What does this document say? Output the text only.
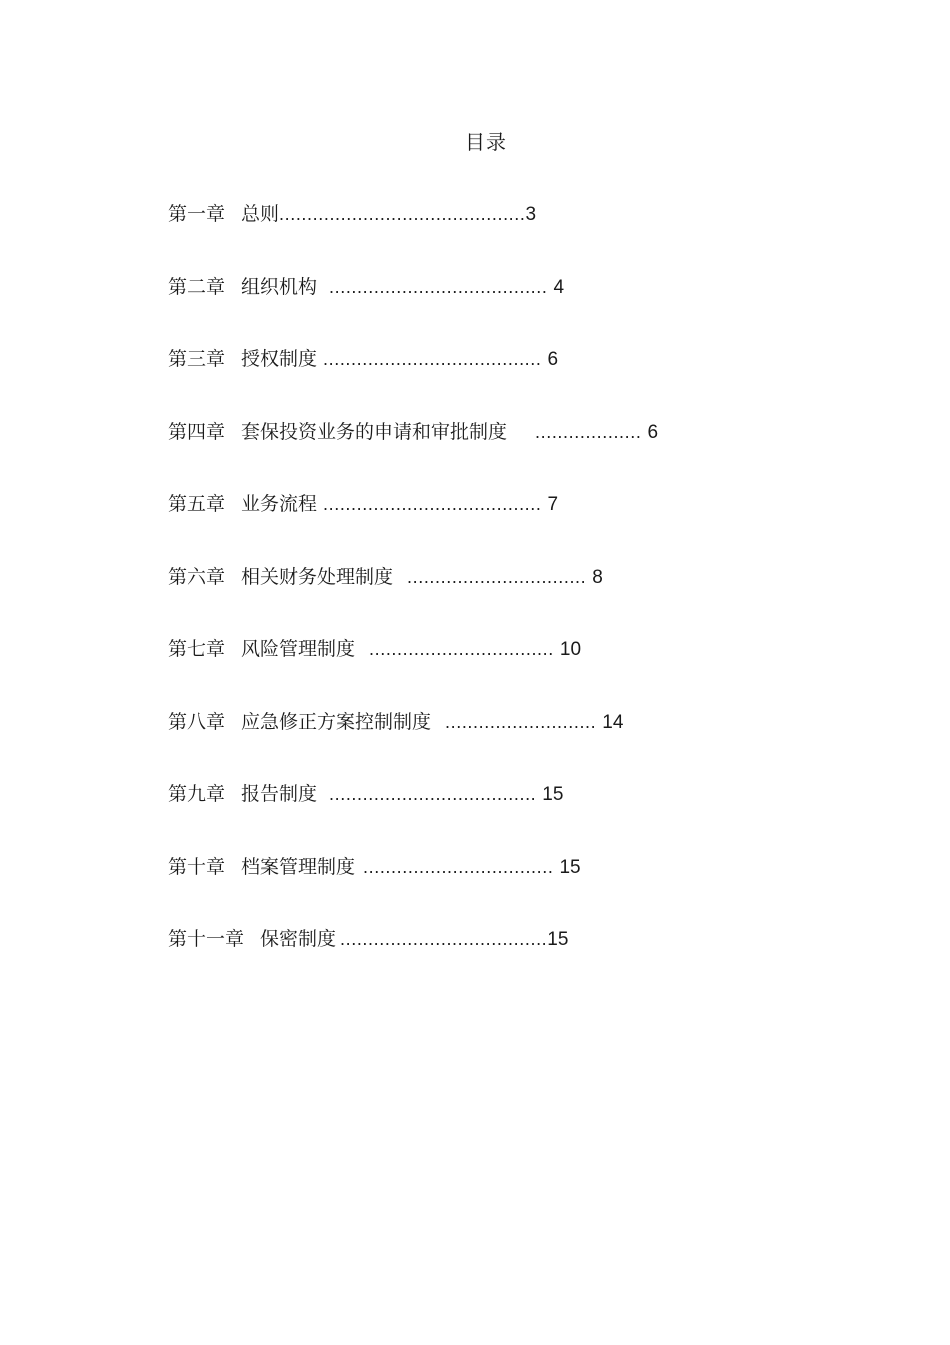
目录
第一章 总则............................................3
第二章 组织机构 ....................................... 4
第三章 授权制度 ....................................... 6
第四章 套保投资业务的申请和审批制度 ................... 6
第五章 业务流程 ....................................... 7
第六章 相关财务处理制度 ................................ 8
第七章 风险管理制度 ................................. 10
第八章 应急修正方案控制制度 ........................... 14
第九章 报告制度 ..................................... 15
第十章 档案管理制度 .................................. 15
第十一章 保密制度 .....................................15
